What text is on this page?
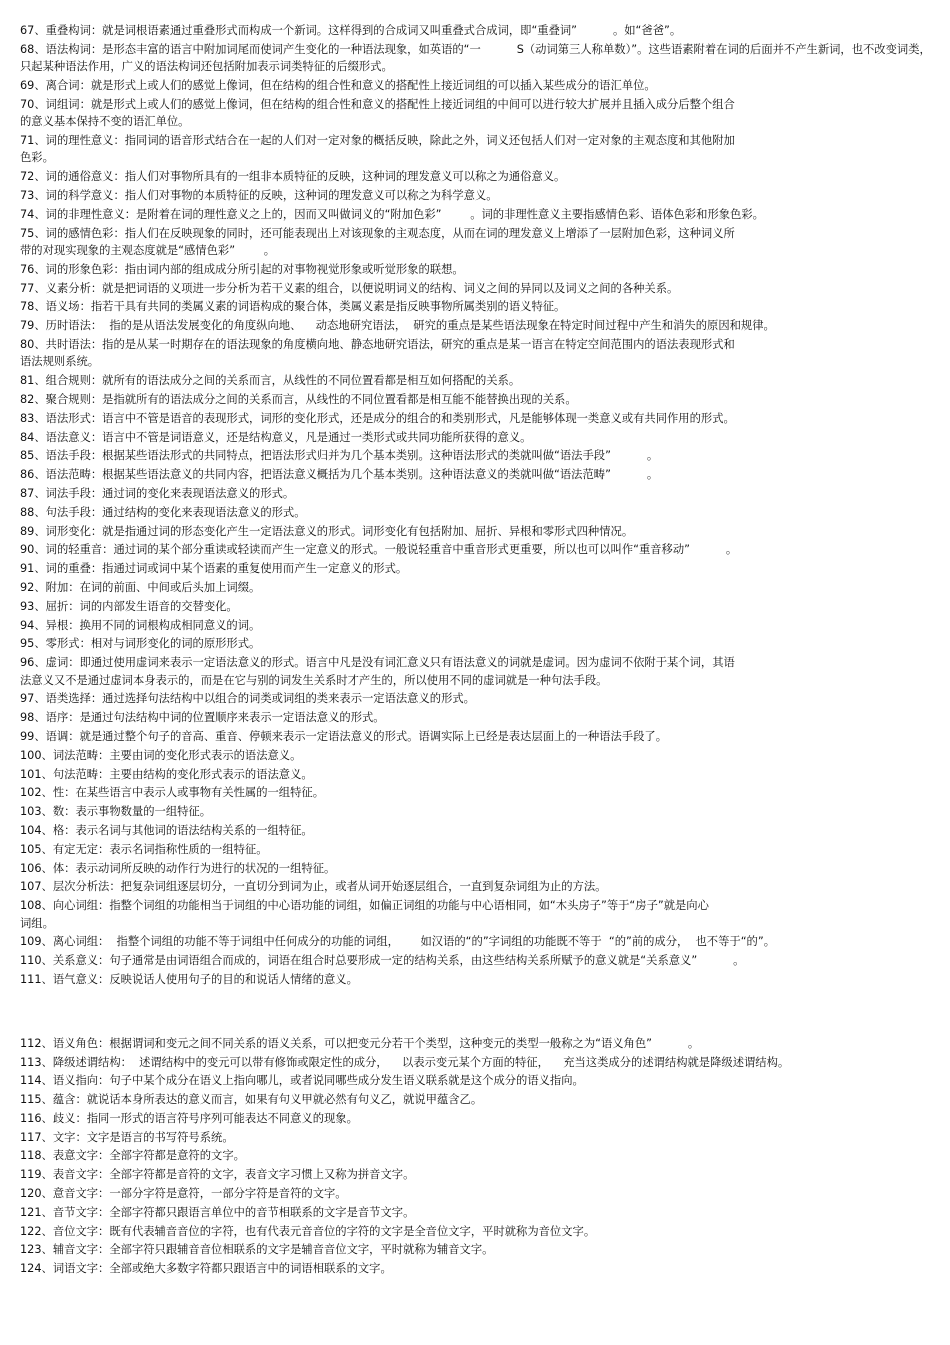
67、重叠构词：就是词根语素通过重叠形式而构成一个新词。这样得到的合成词又叫重叠式合成词，即“重叠词”          。如“爸爸”。
68、语法构词：是形态丰富的语言中附加词尾而使词产生变化的一种语法现象，如英语的“一          S（动词第三人称单数）”。这些语素附着在词的后面并不产生新词，也不改变词类，只起某种语法作用，广义的语法构词还包括附加表示词类特征的后缀形式。
69、离合词：就是形式上或人们的感觉上像词，但在结构的组合性和意义的搭配性上接近词组的可以插入某些成分的语汇单位。
70、词组词：就是形式上或人们的感觉上像词，但在结构的组合性和意义的搭配性上接近词组的中间可以进行较大扩展并且插入成分后整个组合
的意义基本保持不变的语汇单位。
71、词的理性意义：指同词的语音形式结合在一起的人们对一定对象的概括反映，除此之外，词义还包括人们对一定对象的主观态度和其他附加
色彩。
72、词的通俗意义：指人们对事物所具有的一组非本质特征的反映，这种词的理发意义可以称之为通俗意义。
73、词的科学意义：指人们对事物的本质特征的反映，这种词的理发意义可以称之为科学意义。
74、词的非理性意义：是附着在词的理性意义之上的，因而又叫做词义的“附加色彩”        。词的非理性意义主要指感情色彩、语体色彩和形象色彩。
75、词的感情色彩：指人们在反映现象的同时，还可能表现出上对该现象的主观态度，从而在词的理发意义上增添了一层附加色彩，这种词义所
带的对现实现象的主观态度就是“感情色彩”        。
76、词的形象色彩：指由词内部的组成成分所引起的对事物视觉形象或听觉形象的联想。
77、义素分析：就是把词语的义项进一步分析为若干义素的组合，以便说明词义的结构、词义之间的异同以及词义之间的各种关系。
78、语义场：指若干具有共同的类属义素的词语构成的聚合体，类属义素是指反映事物所属类别的语义特征。
79、历时语法：  指的是从语法发展变化的角度纵向地、    动态地研究语法，  研究的重点是某些语法现象在特定时间过程中产生和消失的原因和规律。
80、共时语法：指的是从某一时期存在的语法现象的角度横向地、静态地研究语法，研究的重点是某一语言在特定空间范围内的语法表现形式和
语法规则系统。
81、组合规则：就所有的语法成分之间的关系而言，从线性的不同位置看都是相互如何搭配的关系。
82、聚合规则：是指就所有的语法成分之间的关系而言，从线性的不同位置看都是相互能不能替换出现的关系。
83、语法形式：语言中不管是语音的表现形式，词形的变化形式，还是成分的组合的和类别形式，凡是能够体现一类意义或有共同作用的形式。
84、语法意义：语言中不管是词语意义，还是结构意义，凡是通过一类形式或共同功能所获得的意义。
85、语法手段：根据某些语法形式的共同特点，把语法形式归并为几个基本类别。这种语法形式的类就叫做“语法手段”          。
86、语法范畴：根据某些语法意义的共同内容，把语法意义概括为几个基本类别。这种语法意义的类就叫做“语法范畴”          。
87、词法手段：通过词的变化来表现语法意义的形式。
88、句法手段：通过结构的变化来表现语法意义的形式。
89、词形变化：就是指通过词的形态变化产生一定语法意义的形式。词形变化有包括附加、屈折、异根和零形式四种情况。
90、词的轻重音：通过词的某个部分重读或轻读而产生一定意义的形式。一般说轻重音中重音形式更重要，所以也可以叫作“重音移动”          。
91、词的重叠：指通过词或词中某个语素的重复使用而产生一定意义的形式。
92、附加：在词的前面、中间或后头加上词缀。
93、屈折：词的内部发生语音的交替变化。
94、异根：换用不同的词根构成相同意义的词。
95、零形式：相对与词形变化的词的原形形式。
96、虚词：即通过使用虚词来表示一定语法意义的形式。语言中凡是没有词汇意义只有语法意义的词就是虚词。因为虚词不依附于某个词，其语
法意义又不是通过虚词本身表示的，而是在它与别的词发生关系时才产生的，所以使用不同的虚词就是一种句法手段。
97、语类选择：通过选择句法结构中以组合的词类或词组的类来表示一定语法意义的形式。
98、语序：是通过句法结构中词的位置顺序来表示一定语法意义的形式。
99、语调：就是通过整个句子的音高、重音、停顿来表示一定语法意义的形式。语调实际上已经是表达层面上的一种语法手段了。
100、词法范畴：主要由词的变化形式表示的语法意义。
101、句法范畴：主要由结构的变化形式表示的语法意义。
102、性：在某些语言中表示人或事物有关性属的一组特征。
103、数：表示事物数量的一组特征。
104、格：表示名词与其他词的语法结构关系的一组特征。
105、有定无定：表示名词指称性质的一组特征。
106、体：表示动词所反映的动作行为进行的状况的一组特征。
107、层次分析法：把复杂词组逐层切分，一直切分到词为止，或者从词开始逐层组合，一直到复杂词组为止的方法。
108、向心词组：指整个词组的功能相当于词组的中心语功能的词组，如偏正词组的功能与中心语相同，如“木头房子”等于“房子”就是向心
词组。
109、离心词组：  指整个词组的功能不等于词组中任何成分的功能的词组，      如汉语的“的”字词组的功能既不等于  “的”前的成分，  也不等于“的”。
110、关系意义：句子通常是由词语组合而成的，词语在组合时总要形成一定的结构关系，由这些结构关系所赋予的意义就是“关系意义”          。
111、语气意义：反映说话人使用句子的目的和说话人情绪的意义。
112、语义角色：根据谓词和变元之间不同关系的语义关系，可以把变元分若干个类型，这种变元的类型一般称之为“语义角色”          。
113、降级述谓结构：  述谓结构中的变元可以带有修饰或限定性的成分，    以表示变元某个方面的特征，    充当这类成分的述谓结构就是降级述谓结构。
114、语义指向：句子中某个成分在语义上指向哪儿，或者说同哪些成分发生语义联系就是这个成分的语义指向。
115、蕴含：就说话本身所表达的意义而言，如果有句义甲就必然有句义乙，就说甲蕴含乙。
116、歧义：指同一形式的语言符号序列可能表达不同意义的现象。
117、文字：文字是语言的书写符号系统。
118、表意文字：全部字符都是意符的文字。
119、表音文字：全部字符都是音符的文字，表音文字习惯上又称为拼音文字。
120、意音文字：一部分字符是意符，一部分字符是音符的文字。
121、音节文字：全部字符都只跟语言单位中的音节相联系的文字是音节文字。
122、音位文字：既有代表辅音音位的字符，也有代表元音音位的字符的文字是全音位文字，平时就称为音位文字。
123、辅音文字：全部字符只跟辅音音位相联系的文字是辅音音位文字，平时就称为辅音文字。
124、词语文字：全部或绝大多数字符都只跟语言中的词语相联系的文字。
